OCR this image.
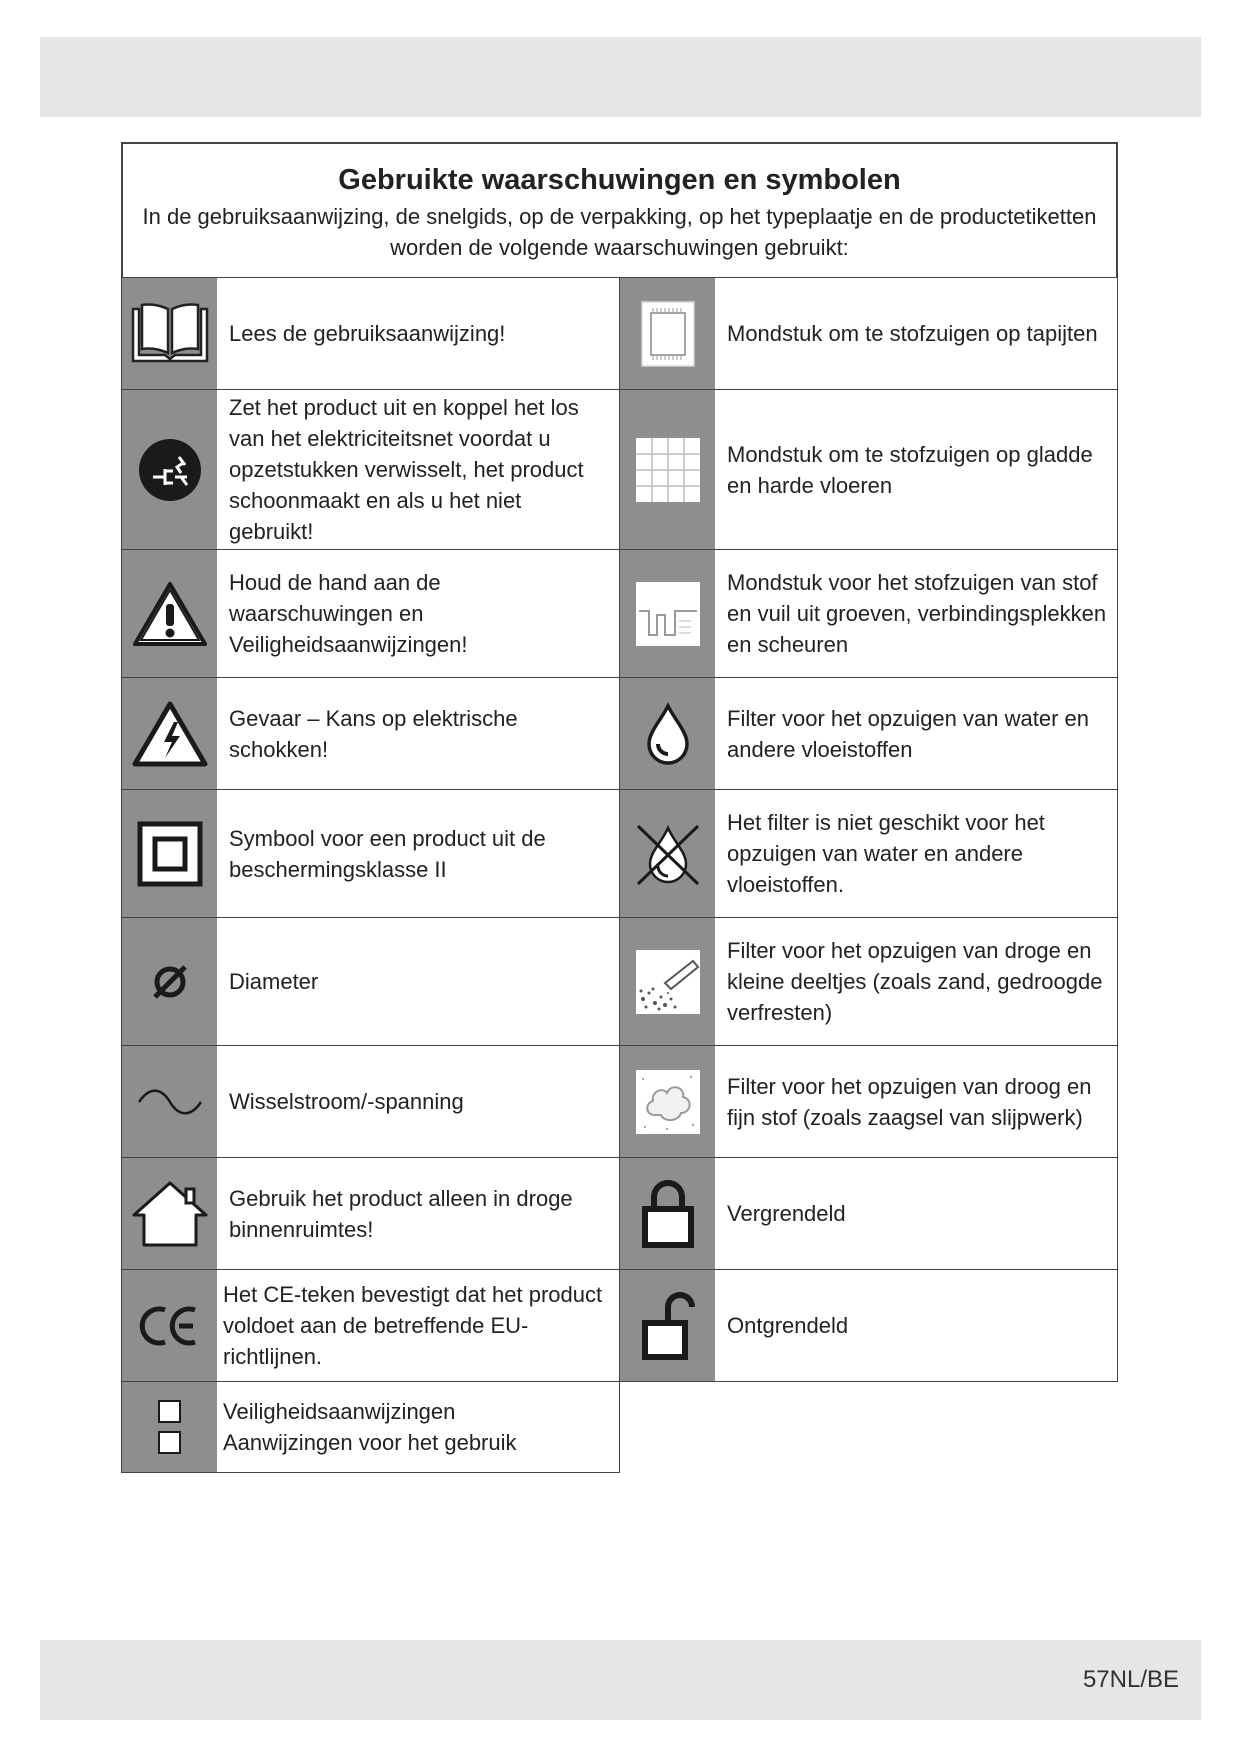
Gebruikte waarschuwingen en symbolen

In de gebruiksaanwijzing, de snelgids, op de verpakking, op het typeplaatje en de productetiketten worden de volgende waarschuwingen gebruikt:

Lees de gebruiksaanwijzing!
Zet het product uit en koppel het los van het elektriciteitsnet voordat u opzetstukken verwisselt, het product schoonmaakt en als u het niet gebruikt!
Houd de hand aan de waarschuwingen en Veiligheidsaanwijzingen!
Gevaar – Kans op elektrische schokken!
Symbool voor een product uit de beschermingsklasse II
Diameter
Wisselstroom/-spanning
Gebruik het product alleen in droge binnenruimtes!
Het CE-teken bevestigt dat het product voldoet aan de betreffende EU-richtlijnen.
Veiligheidsaanwijzingen
Aanwijzingen voor het gebruik
Mondstuk om te stofzuigen op tapijten
Mondstuk om te stofzuigen op gladde en harde vloeren
Mondstuk voor het stofzuigen van stof en vuil uit groeven, verbindingsplekken en scheuren
Filter voor het opzuigen van water en andere vloeistoffen
Het filter is niet geschikt voor het opzuigen van water en andere vloeistoffen.
Filter voor het opzuigen van droge en kleine deeltjes (zoals zand, gedroogde verfresten)
Filter voor het opzuigen van droog en fijn stof (zoals zaagsel van slijpwerk)
Vergrendeld
Ontgrendeld
57NL/BE
